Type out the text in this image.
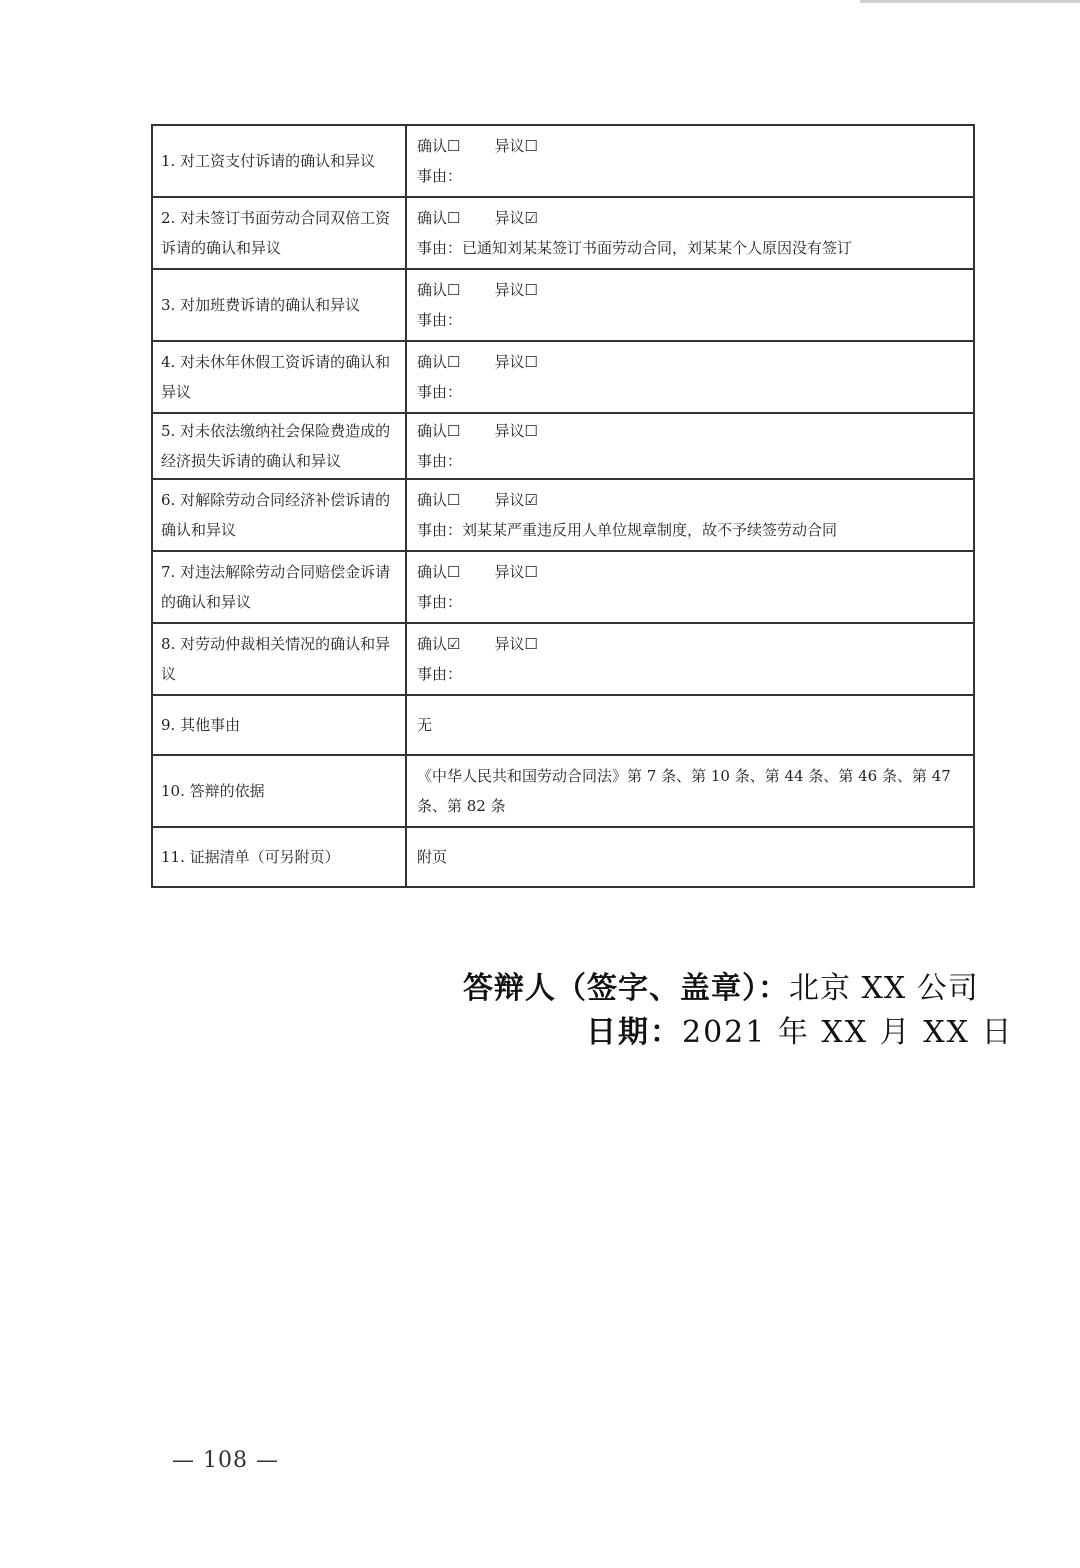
1. 对工资支付诉请的确认和异议	确认☐ 异议☐
事由：

2. 对未签订书面劳动合同双倍工资诉请的确认和异议	确认☐ 异议☑
事由：已通知刘某某签订书面劳动合同，刘某某个人原因没有签订

3. 对加班费诉请的确认和异议	确认☐ 异议☐
事由：

4. 对未休年休假工资诉请的确认和异议	确认☐ 异议☐
事由：

5. 对未依法缴纳社会保险费造成的经济损失诉请的确认和异议	确认☐ 异议☐
事由：

6. 对解除劳动合同经济补偿诉请的确认和异议	确认☐ 异议☑
事由：刘某某严重违反用人单位规章制度，故不予续签劳动合同

7. 对违法解除劳动合同赔偿金诉请的确认和异议	确认☐ 异议☐
事由：

8. 对劳动仲裁相关情况的确认和异议	确认☑ 异议☐
事由：

9. 其他事由	无
10. 答辩的依据	《中华人民共和国劳动合同法》第 7 条、第 10 条、第 44 条、第 46 条、第 47 条、第 82 条
11. 证据清单（可另附页）	附页
答辩人（签字、盖章）：北京 XX 公司
日期：2021 年 XX 月 XX 日
— 108 —
